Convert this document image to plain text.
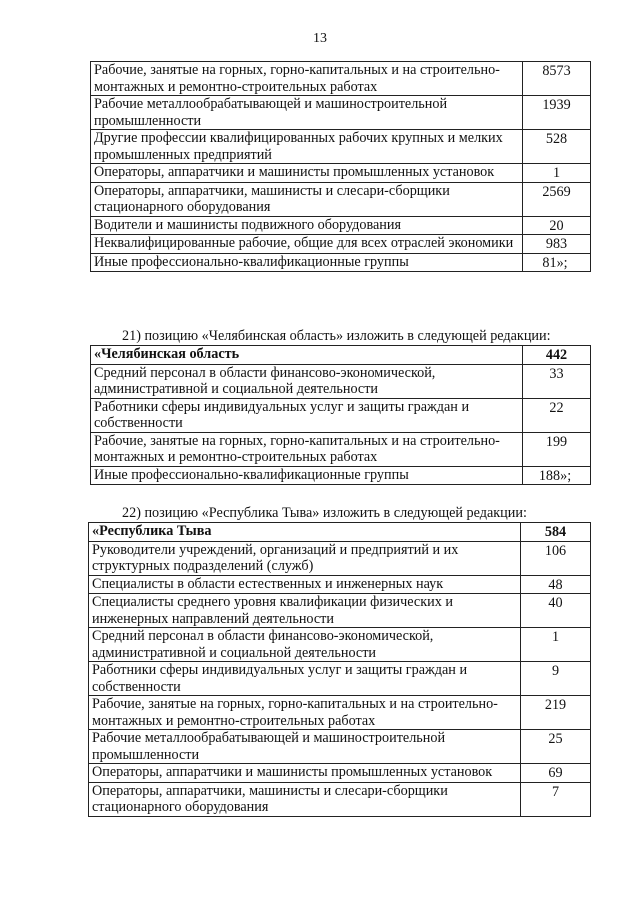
13
Рабочие, занятые на горных, горно-капитальных и на строительно-монтажных и ремонтно-строительных работах	8573
Рабочие металлообрабатывающей и машиностроительной промышленности	1939
Другие профессии квалифицированных рабочих крупных и мелких промышленных предприятий	528
Операторы, аппаратчики и машинисты промышленных установок	1
Операторы, аппаратчики, машинисты и слесари-сборщики стационарного оборудования	2569
Водители и машинисты подвижного оборудования	20
Неквалифицированные рабочие, общие для всех отраслей экономики	983
Иные профессионально-квалификационные группы	81»;
21) позицию «Челябинская область» изложить в следующей редакции:
«Челябинская область	442
Средний персонал в области финансово-экономической, административной и социальной деятельности	33
Работники сферы индивидуальных услуг и защиты граждан и собственности	22
Рабочие, занятые на горных, горно-капитальных и на строительно-монтажных и ремонтно-строительных работах	199
Иные профессионально-квалификационные группы	188»;
22) позицию «Республика Тыва» изложить в следующей редакции:
«Республика Тыва	584
Руководители учреждений, организаций и предприятий и их структурных подразделений (служб)	106
Специалисты в области естественных и инженерных наук	48
Специалисты среднего уровня квалификации физических и инженерных направлений деятельности	40
Средний персонал в области финансово-экономической, административной и социальной деятельности	1
Работники сферы индивидуальных услуг и защиты граждан и собственности	9
Рабочие, занятые на горных, горно-капитальных и на строительно-монтажных и ремонтно-строительных работах	219
Рабочие металлообрабатывающей и машиностроительной промышленности	25
Операторы, аппаратчики и машинисты промышленных установок	69
Операторы, аппаратчики, машинисты и слесари-сборщики стационарного оборудования	7
